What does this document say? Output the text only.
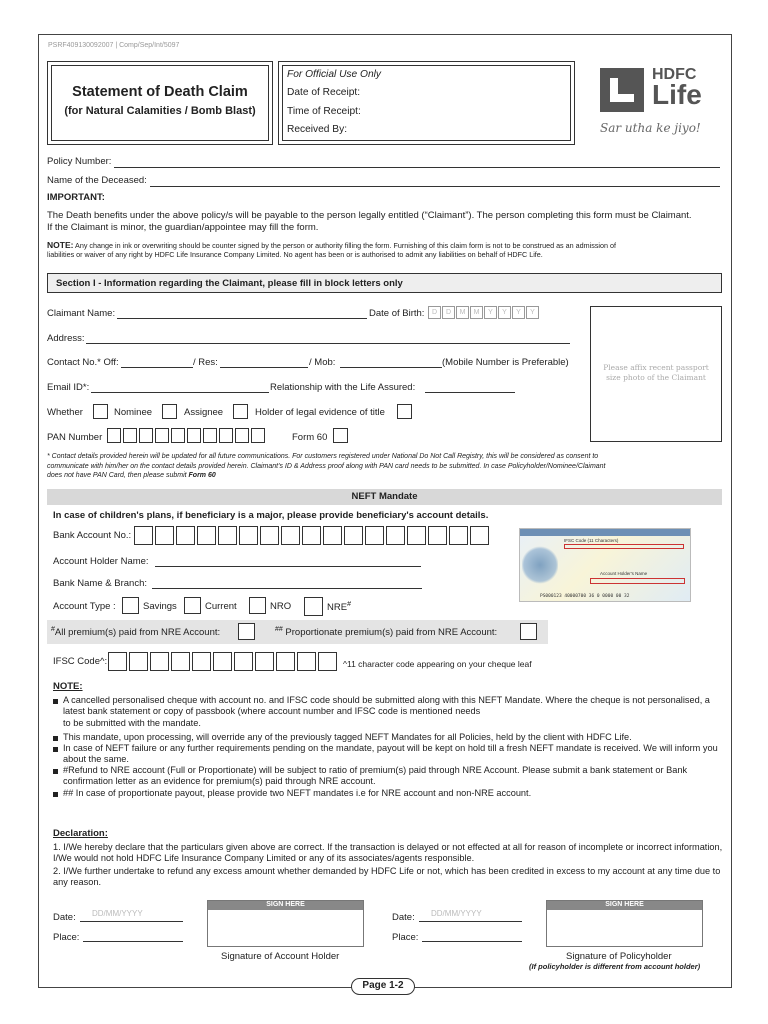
PSRF409130092007 | Comp/Sep/Int/5097
Statement of Death Claim
(for Natural Calamities / Bomb Blast)
For Official Use Only
Date of Receipt:
Time of Receipt:
Received By:
HDFC
Life
Sar utha ke jiyo!
Policy Number:
Name of the Deceased:
IMPORTANT:
The Death benefits under the above policy/s will be payable to the person legally entitled (“Claimant”). The person completing this form must be Claimant.
If the Claimant is minor, the guardian/appointee may fill the form.
NOTE: Any change in ink or overwriting should be counter signed by the person or authority filling the form. Furnishing of this claim form is not to be construed as an admission of
liabilities or waiver of any right by HDFC Life Insurance Company Limited. No agent has been or is authorised to admit any liabilities on behalf of HDFC Life.
Section I - Information regarding the Claimant, please fill in block letters only
Claimant Name:	Date of Birth:	D	D	M	M	Y	Y	Y	Y
Please affix recent passport size photo of the Claimant
Address:
Contact No.* Off:	/ Res:	/ Mob:	(Mobile Number is Preferable)
Email ID*:	Relationship with the Life Assured:
Whether	Nominee	Assignee	Holder of legal evidence of title
PAN Number	Form 60
* Contact details provided herein will be updated for all future communications. For customers registered under National Do Not Call Registry, this will be considered as consent to
communicate with him/her on the contact details provided herein. Claimant's ID & Address proof along with PAN card needs to be submitted. In case Policyholder/Nominee/Claimant
does not have PAN Card, then please submit Form 60
NEFT Mandate
In case of children's plans, if beneficiary is a major, please provide beneficiary's account details.
Bank Account No.:	IFSC Code (11 Characters)
Account Holder's Name
PS000123 40000700 36 0 0000 00 32
Account Holder Name:
Bank Name & Branch:
Account Type :	Savings	Current	NRO	NRE#
#All premium(s) paid from NRE Account:	## Proportionate premium(s) paid from NRE Account:
IFSC Code^:	^11 character code appearing on your cheque leaf
NOTE:
A cancelled personalised cheque with account no. and IFSC code should be submitted along with this NEFT Mandate. Where the cheque is not personalised, a latest bank statement or copy of passbook (where account number and IFSC code is mentioned needs
to be submitted with the mandate.
This mandate, upon processing, will override any of the previously tagged NEFT Mandates for all Policies, held by the client with HDFC Life.
In case of NEFT failure or any further requirements pending on the mandate, payout will be kept on hold till a fresh NEFT mandate is received. We will inform you about the same.
#Refund to NRE account (Full or Proportionate) will be subject to ratio of premium(s) paid through NRE Account. Please submit a bank statement or Bank confirmation letter as an evidence for premium(s) paid through NRE account.
## In case of proportionate payout, please provide two NEFT mandates i.e for NRE account and non-NRE account.
Declaration:
1. I/We hereby declare that the particulars given above are correct. If the transaction is delayed or not effected at all for reason of incomplete or incorrect information, I/We would not hold HDFC Life Insurance Company Limited or any of its associates/agents responsible.
2. I/We further undertake to refund any excess amount whether demanded by HDFC Life or not, which has been credited in excess to my account at any time due to any reason.
Date: DD/MM/YYYY
Place:
SIGN HERE
Signature of Account Holder
Date: DD/MM/YYYY
Place:
SIGN HERE
Signature of Policyholder
(If policyholder is different from account holder)
Page 1-2
